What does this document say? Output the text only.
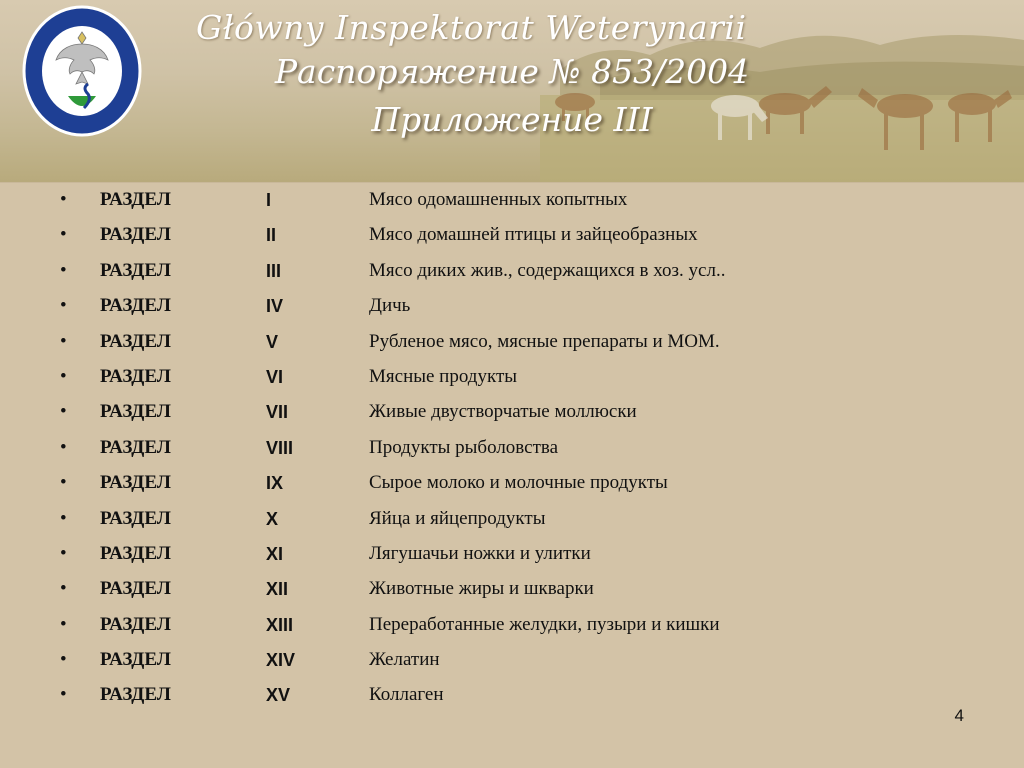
Główny Inspektorat Weterynarii
Распоряжение № 853/2004
Приложение III
• РАЗДЕЛ	I	Мясо одомашненных копытных
• РАЗДЕЛ	II	Мясо домашней птицы и зайцеобразных
• РАЗДЕЛ	III	Мясо диких жив., содержащихся в хоз. усл..
• РАЗДЕЛ	IV	Дичь
• РАЗДЕЛ	V	Рубленое мясо, мясные препараты и МОМ.
• РАЗДЕЛ	VI	Мясные продукты
• РАЗДЕЛ	VII	Живые двустворчатые моллюски
• РАЗДЕЛ	VIII	Продукты рыболовства
• РАЗДЕЛ	IX	Сырое молоко и молочные продукты
• РАЗДЕЛ	X	Яйца и яйцепродукты
• РАЗДЕЛ	XI	Лягушачьи ножки и улитки
• РАЗДЕЛ	XII	Животные жиры и шкварки
• РАЗДЕЛ	XIII	Переработанные желудки, пузыри и кишки
• РАЗДЕЛ	XIV	Желатин
• РАЗДЕЛ	XV	Коллаген
4
